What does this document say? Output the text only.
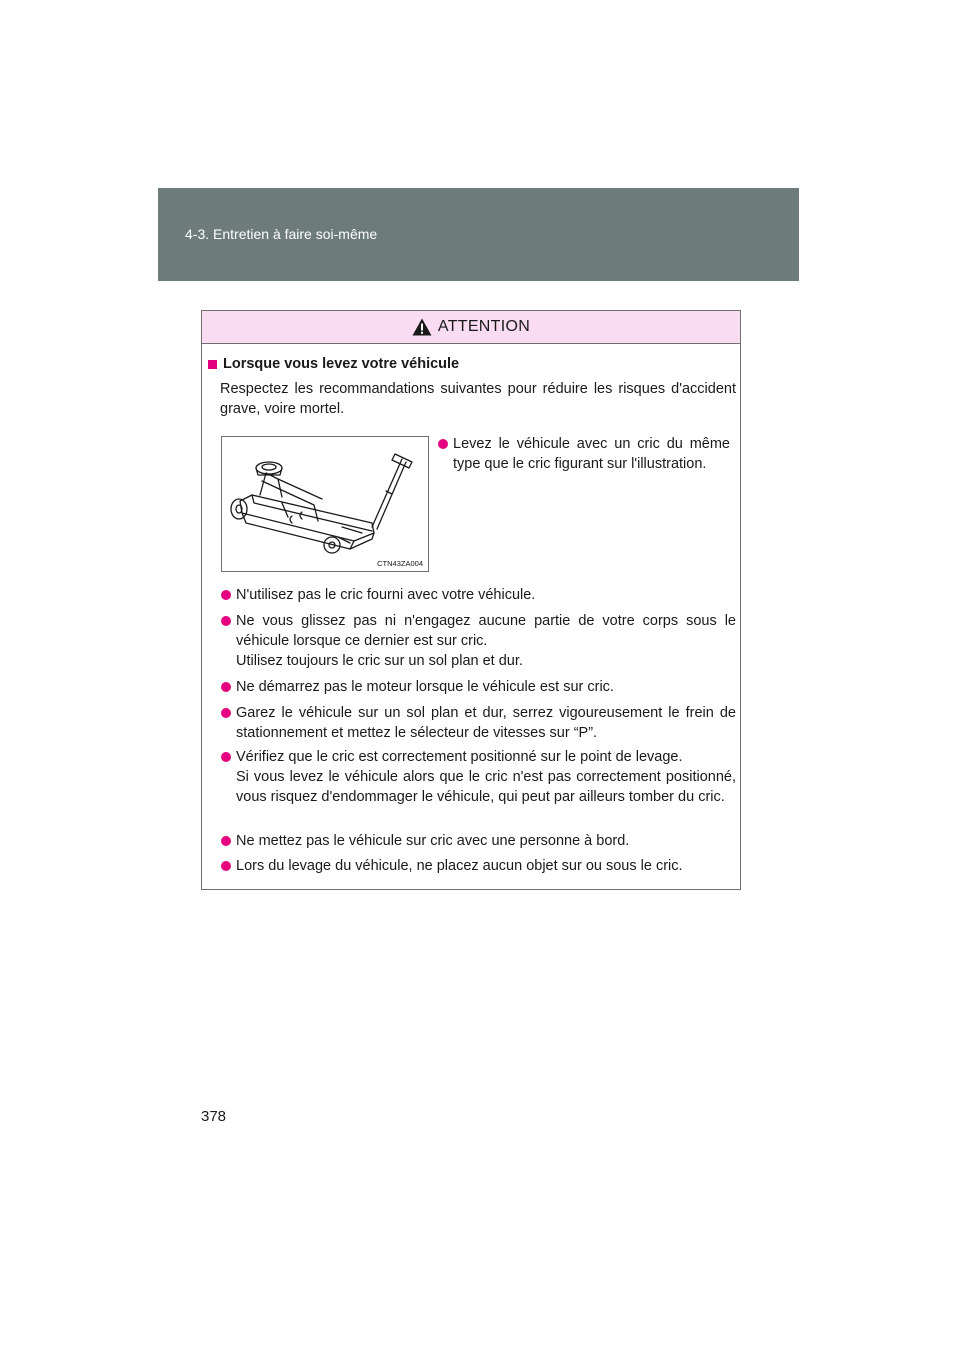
4-3. Entretien à faire soi-même
ATTENTION
Lorsque vous levez votre véhicule
Respectez les recommandations suivantes pour réduire les risques d'accident grave, voire mortel.
CTN43ZA004
Levez le véhicule avec un cric du même type que le cric figurant sur l'illustration.
N'utilisez pas le cric fourni avec votre véhicule.
Ne vous glissez pas ni n'engagez aucune partie de votre corps sous le véhicule lorsque ce dernier est sur cric.
Utilisez toujours le cric sur un sol plan et dur.
Ne démarrez pas le moteur lorsque le véhicule est sur cric.
Garez le véhicule sur un sol plan et dur, serrez vigoureusement le frein de stationnement et mettez le sélecteur de vitesses sur “P”.
Vérifiez que le cric est correctement positionné sur le point de levage.
Si vous levez le véhicule alors que le cric n'est pas correctement positionné, vous risquez d'endommager le véhicule, qui peut par ailleurs tomber du cric.
Ne mettez pas le véhicule sur cric avec une personne à bord.
Lors du levage du véhicule, ne placez aucun objet sur ou sous le cric.
378
